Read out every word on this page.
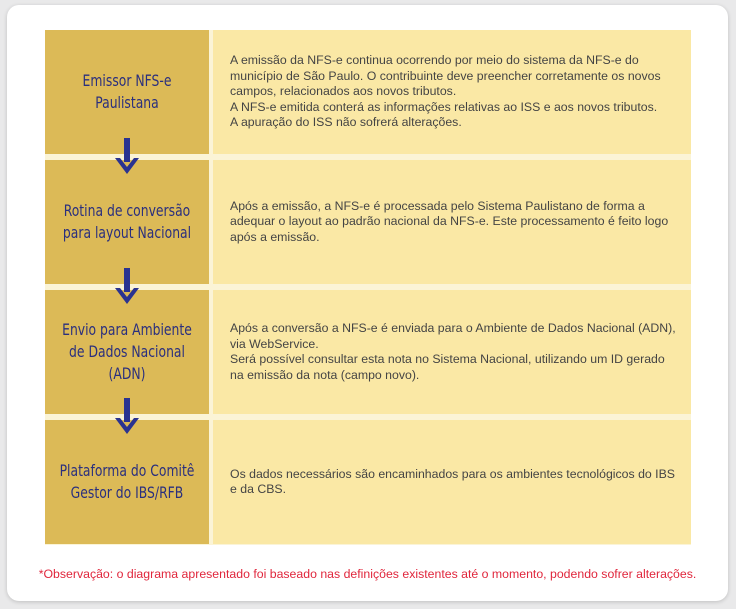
Emissor NFS-e Paulistana
A emissão da NFS-e continua ocorrendo por meio do sistema da NFS-e do município de São Paulo. O contribuinte deve preencher corretamente os novos campos, relacionados aos novos tributos.
A NFS-e emitida conterá as informações relativas ao ISS e aos novos tributos.
A apuração do ISS não sofrerá alterações.
Rotina de conversão para layout Nacional
Após a emissão, a NFS-e é processada pelo Sistema Paulistano de forma a adequar o layout ao padrão nacional da NFS-e. Este processamento é feito logo após a emissão.
Envio para Ambiente de Dados Nacional (ADN)
Após a conversão a NFS-e é enviada para o Ambiente de Dados Nacional (ADN), via WebService.
Será possível consultar esta nota no Sistema Nacional, utilizando um ID gerado na emissão da nota (campo novo).
Plataforma do Comitê Gestor do IBS/RFB
Os dados necessários são encaminhados para os ambientes tecnológicos do IBS e da CBS.
*Observação: o diagrama apresentado foi baseado nas definições existentes até o momento, podendo sofrer alterações.
